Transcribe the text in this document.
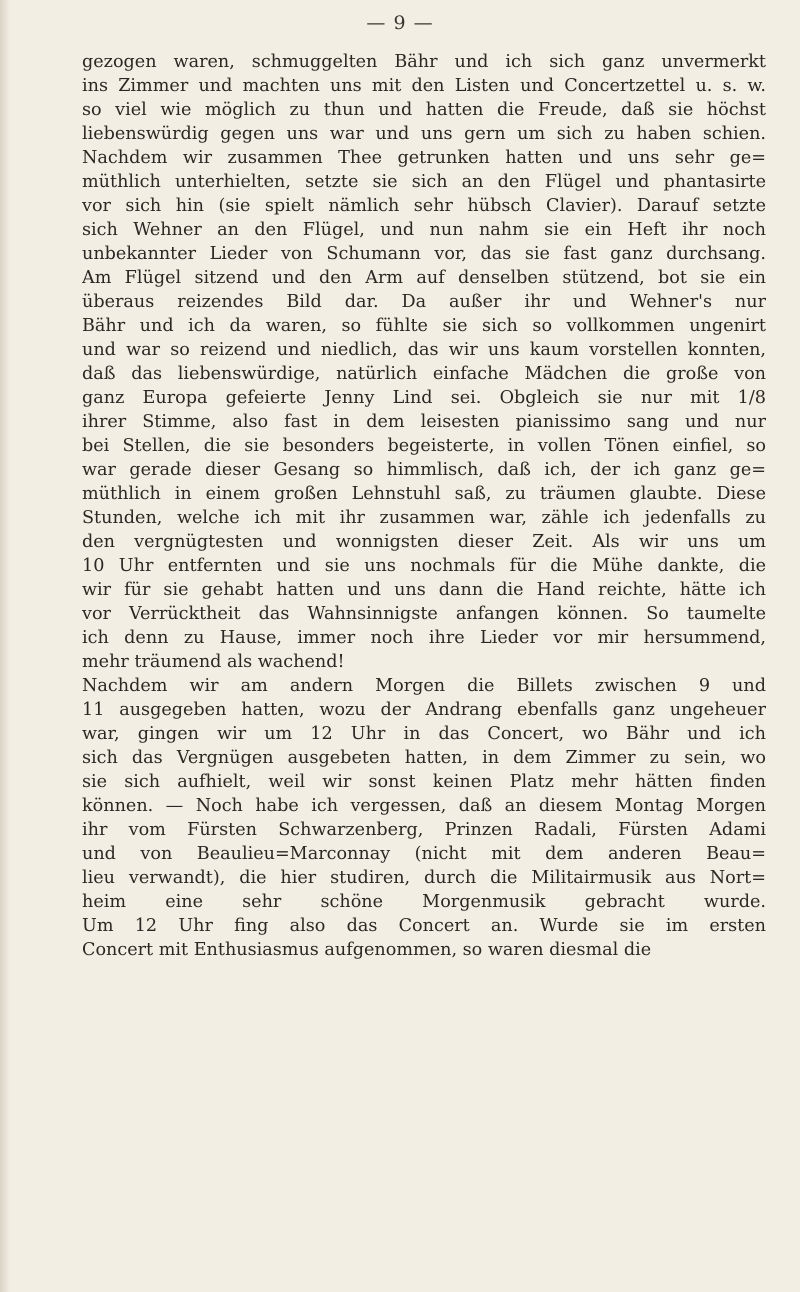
— 9 —
gezogen waren, schmuggelten Bähr und ich sich ganz unvermerkt
ins Zimmer und machten uns mit den Listen und Concertzettel u. s. w.
so viel wie möglich zu thun und hatten die Freude, daß sie höchst
liebenswürdig gegen uns war und uns gern um sich zu haben schien.
Nachdem wir zusammen Thee getrunken hatten und uns sehr ge=
müthlich unterhielten, setzte sie sich an den Flügel und phantasirte
vor sich hin (sie spielt nämlich sehr hübsch Clavier). Darauf setzte
sich Wehner an den Flügel, und nun nahm sie ein Heft ihr noch
unbekannter Lieder von Schumann vor, das sie fast ganz durchsang.
Am Flügel sitzend und den Arm auf denselben stützend, bot sie ein
überaus reizendes Bild dar. Da außer ihr und Wehner's nur
Bähr und ich da waren, so fühlte sie sich so vollkommen ungenirt
und war so reizend und niedlich, das wir uns kaum vorstellen konnten,
daß das liebenswürdige, natürlich einfache Mädchen die große von
ganz Europa gefeierte Jenny Lind sei. Obgleich sie nur mit 1/8
ihrer Stimme, also fast in dem leisesten pianissimo sang und nur
bei Stellen, die sie besonders begeisterte, in vollen Tönen einfiel, so
war gerade dieser Gesang so himmlisch, daß ich, der ich ganz ge=
müthlich in einem großen Lehnstuhl saß, zu träumen glaubte. Diese
Stunden, welche ich mit ihr zusammen war, zähle ich jedenfalls zu
den vergnügtesten und wonnigsten dieser Zeit. Als wir uns um
10 Uhr entfernten und sie uns nochmals für die Mühe dankte, die
wir für sie gehabt hatten und uns dann die Hand reichte, hätte ich
vor Verrücktheit das Wahnsinnigste anfangen können. So taumelte
ich denn zu Hause, immer noch ihre Lieder vor mir hersummend,
mehr träumend als wachend!
Nachdem wir am andern Morgen die Billets zwischen 9 und
11 ausgegeben hatten, wozu der Andrang ebenfalls ganz ungeheuer
war, gingen wir um 12 Uhr in das Concert, wo Bähr und ich
sich das Vergnügen ausgebeten hatten, in dem Zimmer zu sein, wo
sie sich aufhielt, weil wir sonst keinen Platz mehr hätten finden
können. — Noch habe ich vergessen, daß an diesem Montag Morgen
ihr vom Fürsten Schwarzenberg, Prinzen Radali, Fürsten Adami
und von Beaulieu=Marconnay (nicht mit dem anderen Beau=
lieu verwandt), die hier studiren, durch die Militairmusik aus Nort=
heim eine sehr schöne Morgenmusik gebracht wurde.
Um 12 Uhr fing also das Concert an. Wurde sie im ersten
Concert mit Enthusiasmus aufgenommen, so waren diesmal die
